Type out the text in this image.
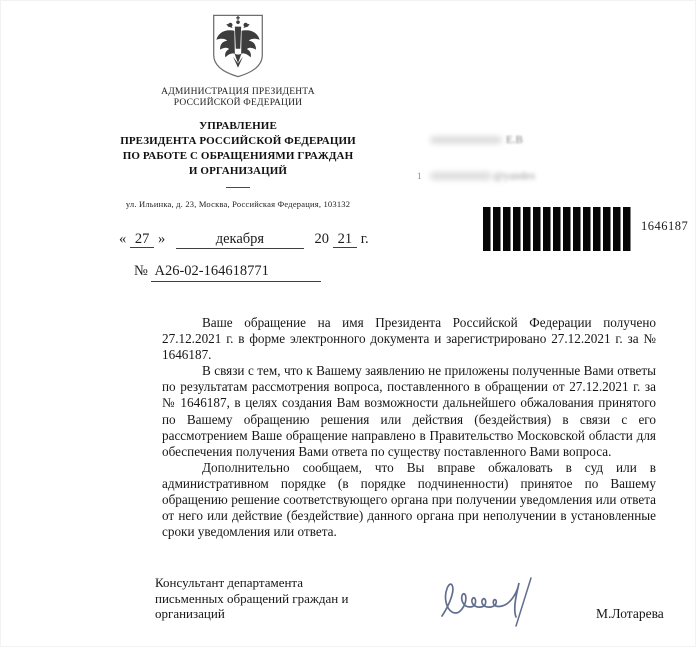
АДМИНИСТРАЦИЯ ПРЕЗИДЕНТА
РОССИЙСКОЙ ФЕДЕРАЦИИ
УПРАВЛЕНИЕ
ПРЕЗИДЕНТА РОССИЙСКОЙ ФЕДЕРАЦИИ
ПО РАБОТЕ С ОБРАЩЕНИЯМИ ГРАЖДАН
И ОРГАНИЗАЦИЙ
ул. Ильинка, д. 23, Москва, Российская Федерация, 103132
Е.В
1	@yandex
1646187
« 27 »	декабря	20 21 г.
№ А26-02-164618771

Ваше обращение на имя Президента Российской Федерации получено 27.12.2021 г. в форме электронного документа и зарегистрировано 27.12.2021 г. за № 1646187.

В связи с тем, что к Вашему заявлению не приложены полученные Вами ответы по результатам рассмотрения вопроса, поставленного в обращении от 27.12.2021 г. за № 1646187, в целях создания Вам возможности дальнейшего обжалования принятого по Вашему обращению решения или действия (бездействия) в связи с его рассмотрением Ваше обращение направлено в Правительство Московской области для обеспечения получения Вами ответа по существу поставленного Вами вопроса.

Дополнительно сообщаем, что Вы вправе обжаловать в суд или в административном порядке (в порядке подчиненности) принятое по Вашему обращению решение соответствующего органа при получении уведомления или ответа от него или действие (бездействие) данного органа при неполучении в установленные сроки уведомления или ответа.

Консультант департамента
письменных обращений граждан и
организаций	М.Лотарева
